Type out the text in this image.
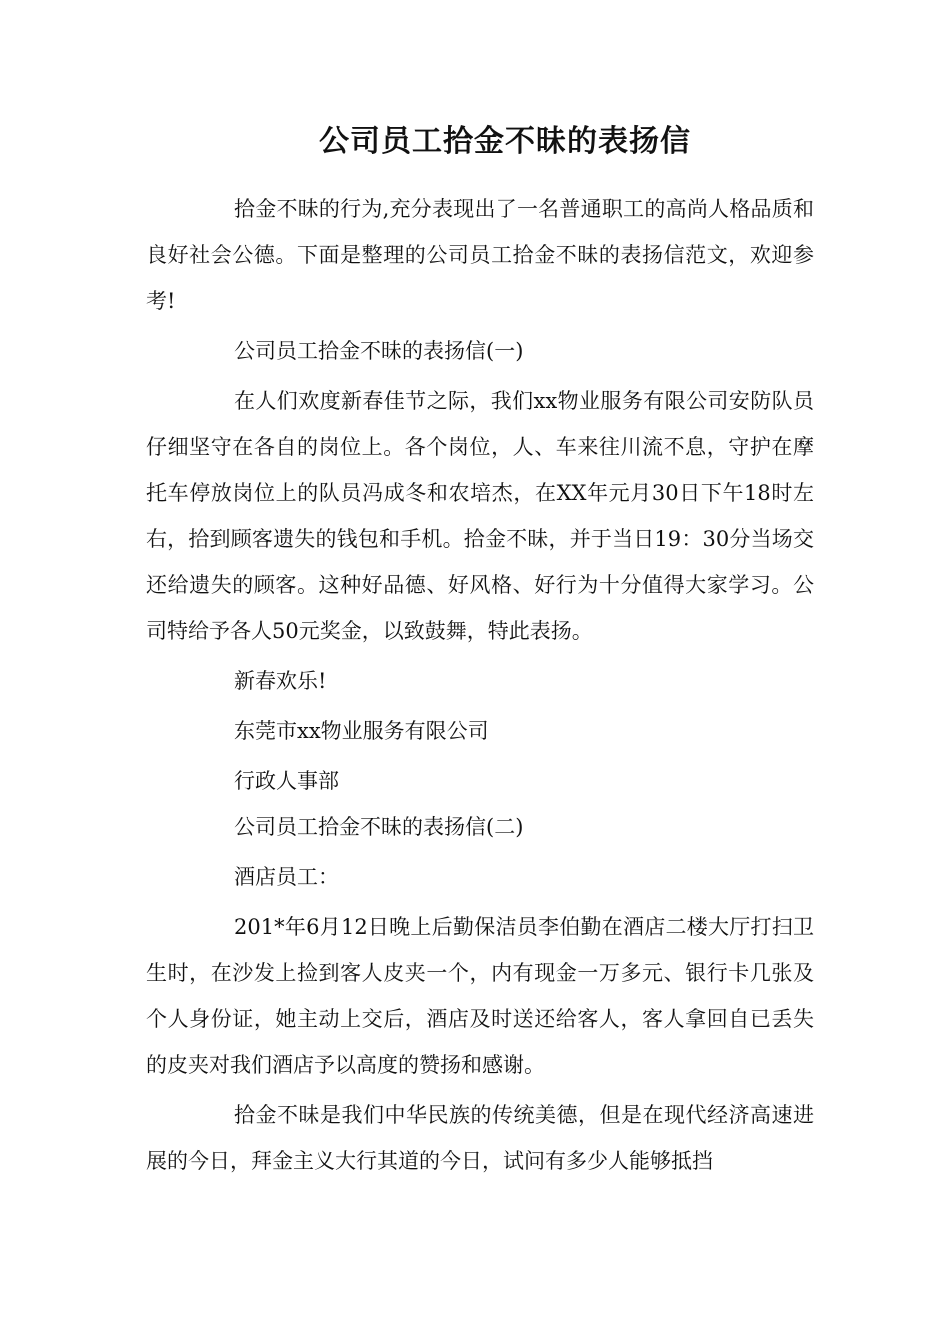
公司员工拾金不昧的表扬信

拾金不昧的行为,充分表现出了一名普通职工的高尚人格品质和良好社会公德。下面是整理的公司员工拾金不昧的表扬信范文，欢迎参考!

公司员工拾金不昧的表扬信(一)

在人们欢度新春佳节之际，我们xx物业服务有限公司安防队员仔细坚守在各自的岗位上。各个岗位，人、车来往川流不息，守护在摩托车停放岗位上的队员冯成冬和农培杰，在XX年元月30日下午18时左右，拾到顾客遗失的钱包和手机。拾金不昧，并于当日19：30分当场交还给遗失的顾客。这种好品德、好风格、好行为十分值得大家学习。公司特给予各人50元奖金，以致鼓舞，特此表扬。

新春欢乐!

东莞市xx物业服务有限公司

行政人事部

公司员工拾金不昧的表扬信(二)

酒店员工：

201*年6月12日晚上后勤保洁员李伯勤在酒店二楼大厅打扫卫生时，在沙发上捡到客人皮夹一个，内有现金一万多元、银行卡几张及个人身份证，她主动上交后，酒店及时送还给客人，客人拿回自已丢失的皮夹对我们酒店予以高度的赞扬和感谢。

拾金不昧是我们中华民族的传统美德，但是在现代经济高速进展的今日，拜金主义大行其道的今日，试问有多少人能够抵挡
